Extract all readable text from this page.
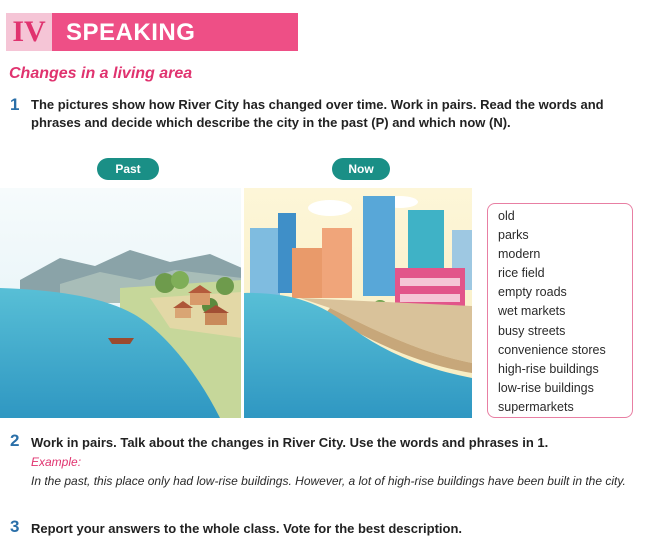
IV SPEAKING
Changes in a living area
1 The pictures show how River City has changed over time. Work in pairs. Read the words and phrases and decide which describe the city in the past (P) and which now (N).
Past	Now
old
parks
modern
rice field
empty roads
wet markets
busy streets
convenience stores
high-rise buildings
low-rise buildings
supermarkets
2 Work in pairs. Talk about the changes in River City. Use the words and phrases in 1.
Example:
In the past, this place only had low-rise buildings. However, a lot of high-rise buildings have been built in the city.
3 Report your answers to the whole class. Vote for the best description.
